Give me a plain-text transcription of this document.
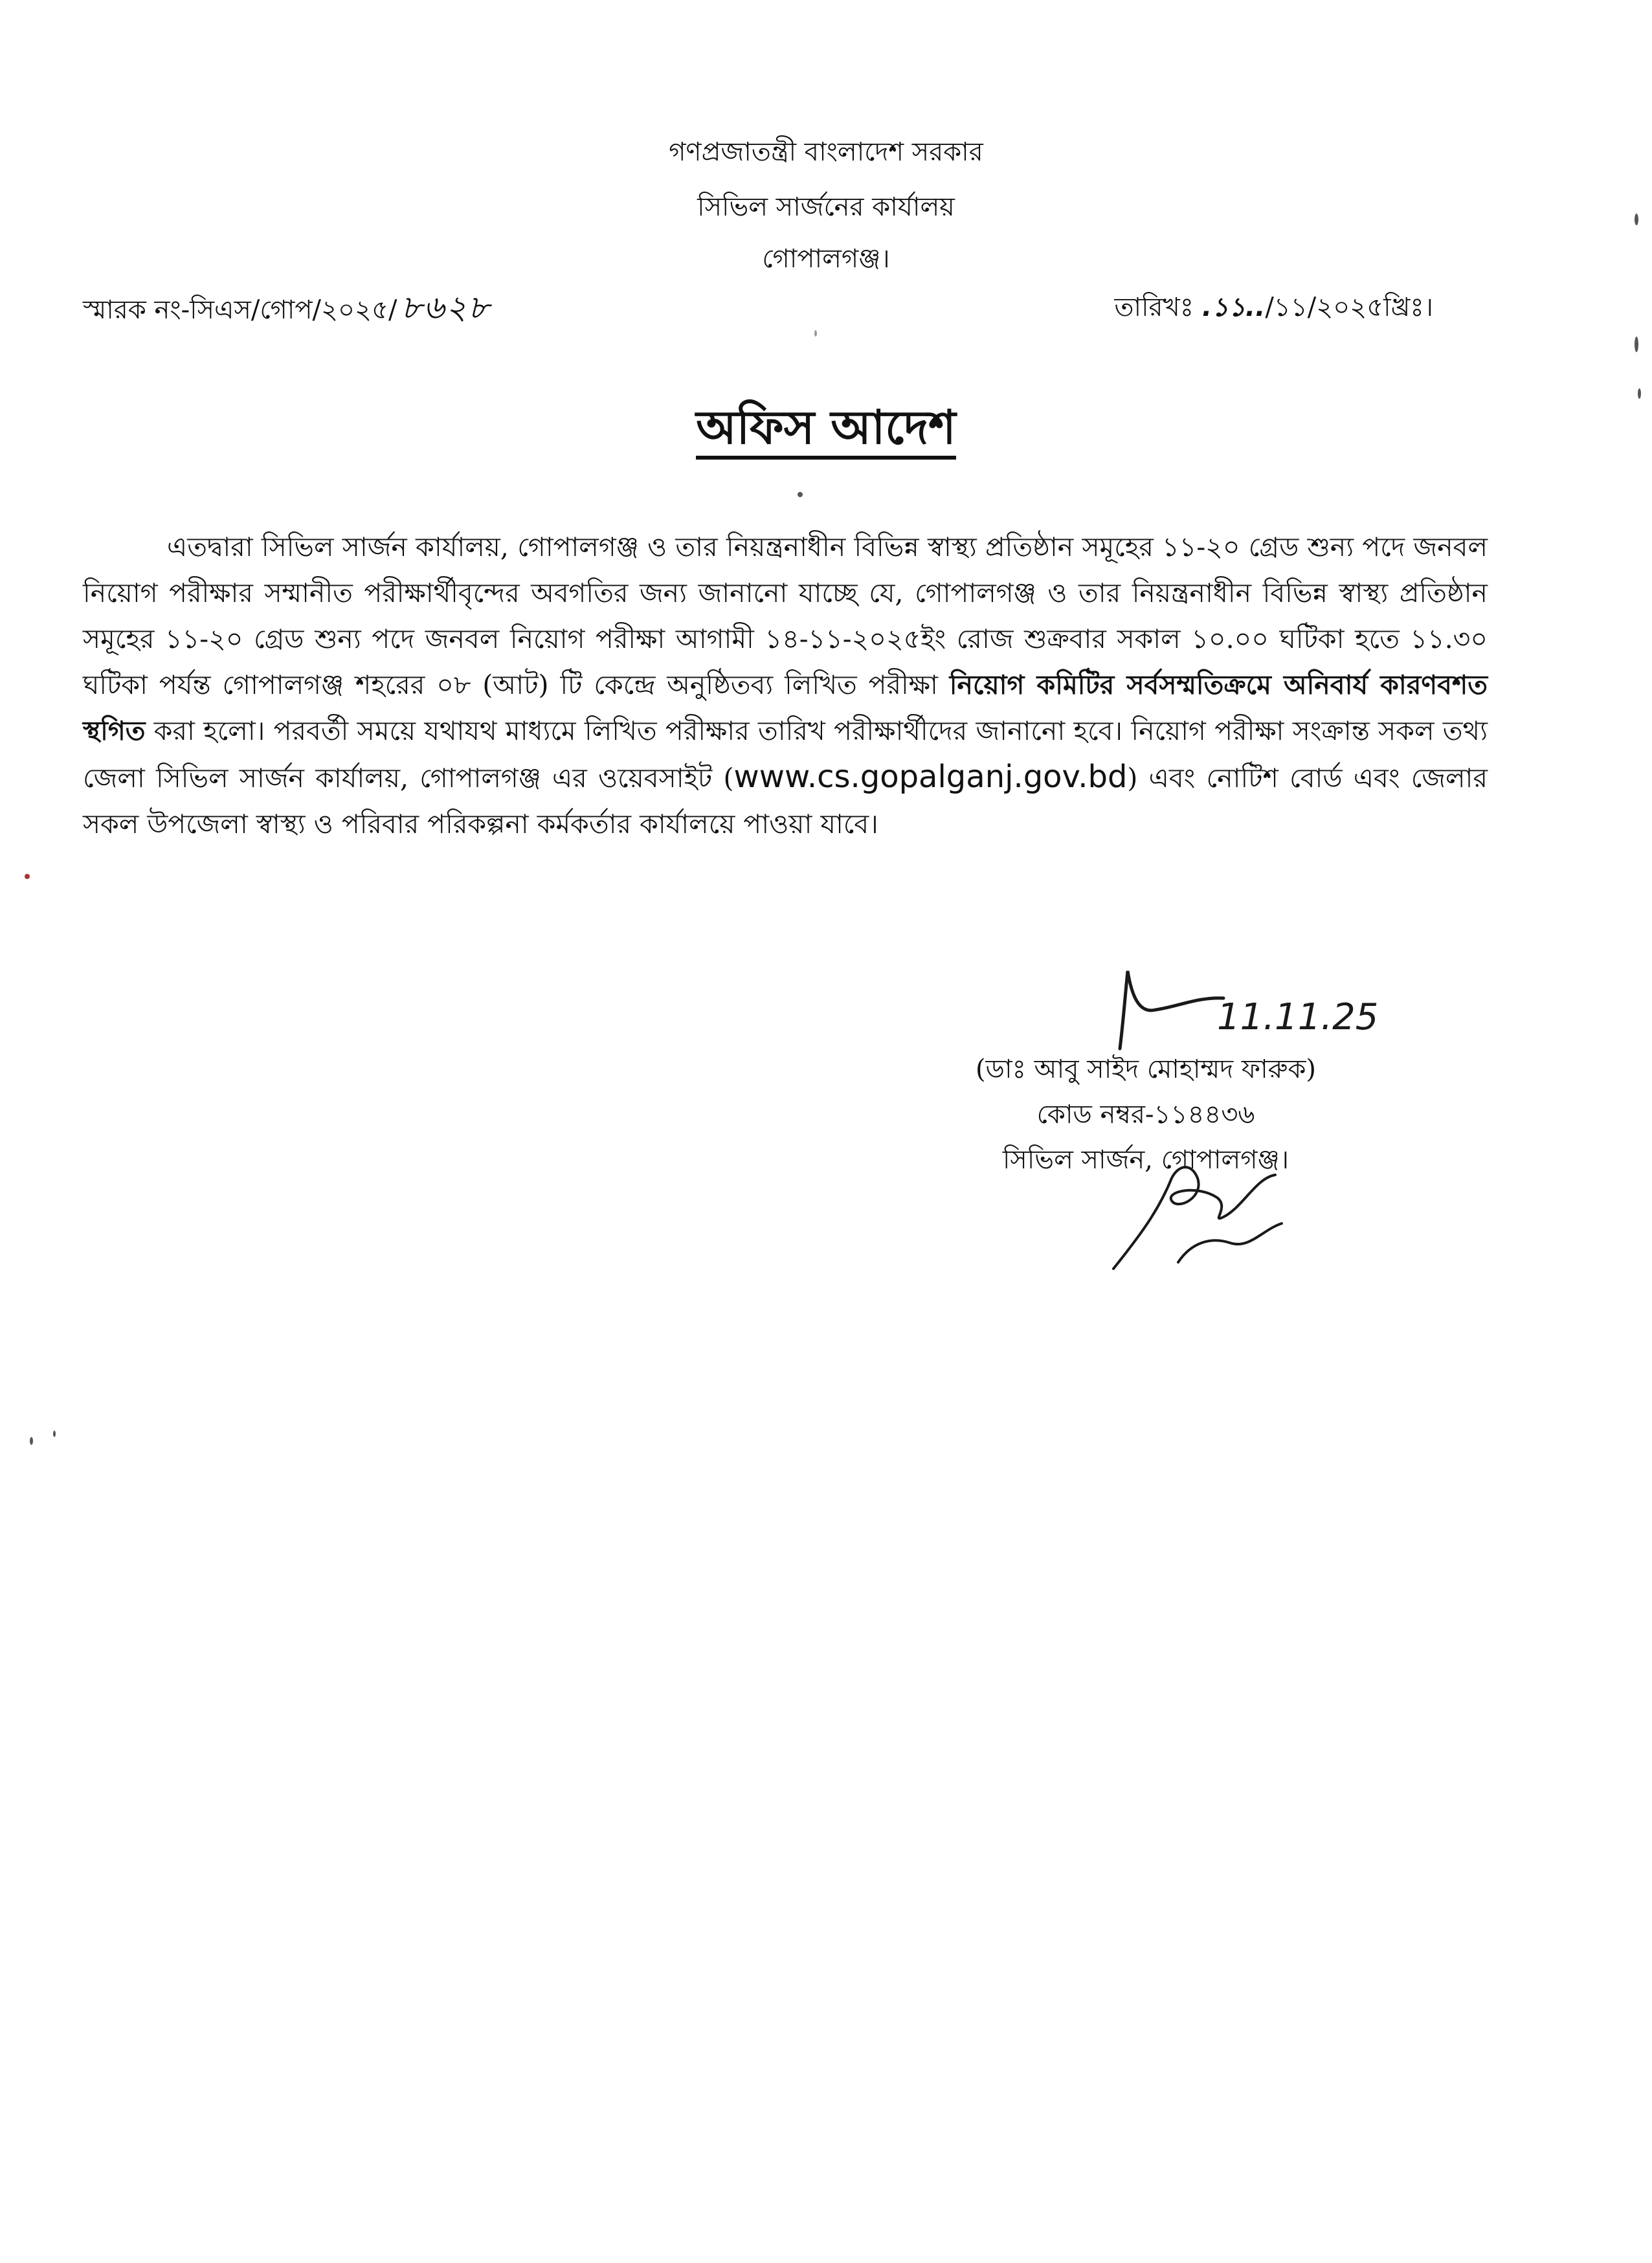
গণপ্রজাতন্ত্রী বাংলাদেশ সরকার
সিভিল সার্জনের কার্যালয়
গোপালগঞ্জ।
স্মারক নং-সিএস/গোপ/২০২৫/ ৮৬২৮	তারিখঃ .১১../১১/২০২৫খ্রিঃ।
অফিস আদেশ
এতদ্বারা সিভিল সার্জন কার্যালয়, গোপালগঞ্জ ও তার নিয়ন্ত্রনাধীন বিভিন্ন স্বাস্থ্য প্রতিষ্ঠান সমূহের ১১-২০ গ্রেড শুন্য পদে জনবল নিয়োগ পরীক্ষার সম্মানীত পরীক্ষার্থীবৃন্দের অবগতির জন্য জানানো যাচ্ছে যে, গোপালগঞ্জ ও তার নিয়ন্ত্রনাধীন বিভিন্ন স্বাস্থ্য প্রতিষ্ঠান সমূহের ১১-২০ গ্রেড শুন্য পদে জনবল নিয়োগ পরীক্ষা আগামী ১৪-১১-২০২৫ইং রোজ শুক্রবার সকাল ১০.০০ ঘটিকা হতে ১১.৩০ ঘটিকা পর্যন্ত গোপালগঞ্জ শহরের ০৮ (আট) টি কেন্দ্রে অনুষ্ঠিতব্য লিখিত পরীক্ষা নিয়োগ কমিটির সর্বসম্মতিক্রমে অনিবার্য কারণবশত স্থগিত করা হলো। পরবর্তী সময়ে যথাযথ মাধ্যমে লিখিত পরীক্ষার তারিখ পরীক্ষার্থীদের জানানো হবে। নিয়োগ পরীক্ষা সংক্রান্ত সকল তথ্য জেলা সিভিল সার্জন কার্যালয়, গোপালগঞ্জ এর ওয়েবসাইট (www.cs.gopalganj.gov.bd) এবং নোটিশ বোর্ড এবং জেলার সকল উপজেলা স্বাস্থ্য ও পরিবার পরিকল্পনা কর্মকর্তার কার্যালয়ে পাওয়া যাবে।
11.11.25
(ডাঃ আবু সাইদ মোহাম্মদ ফারুক)
কোড নম্বর-১১৪৪৩৬
সিভিল সার্জন, গোপালগঞ্জ।
